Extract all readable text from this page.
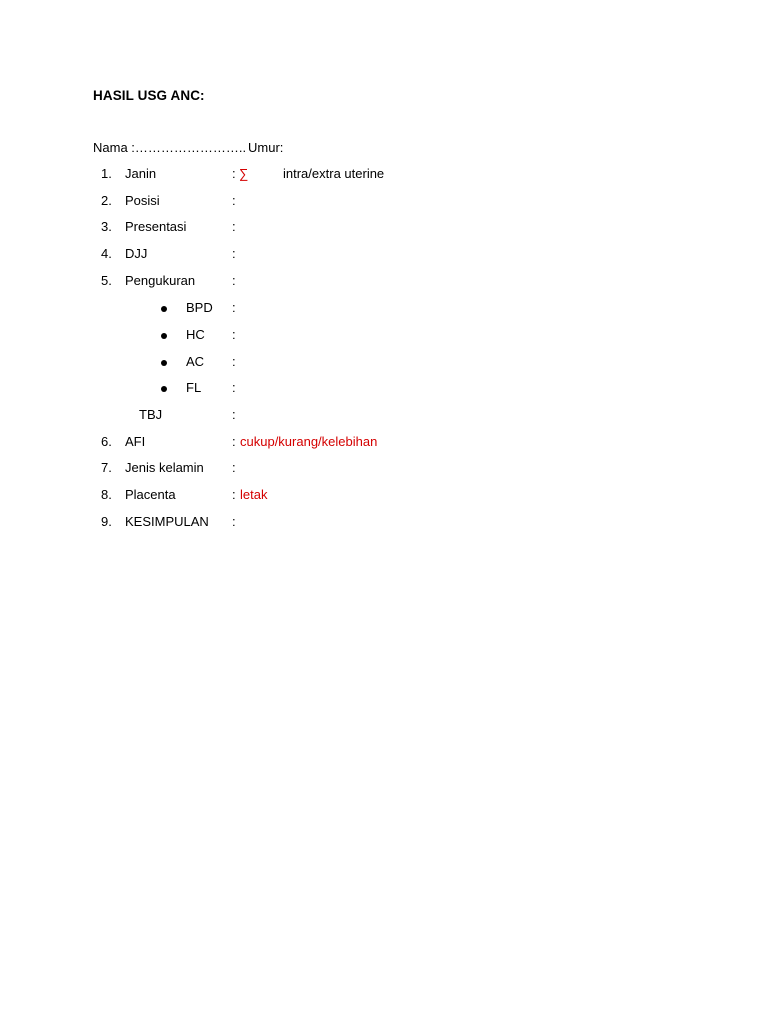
HASIL USG ANC:
Nama :…………………….. Umur:
1.	Janin	: ∑	intra/extra uterine
2.	Posisi	:
3.	Presentasi	:
4.	DJJ	:
5.	Pengukuran	:
BPD :
HC :
AC :
FL :
TBJ	:
6.	AFI	: cukup/kurang/kelebihan
7.	Jenis kelamin :
8.	Placenta	: letak
9.	KESIMPULAN :
